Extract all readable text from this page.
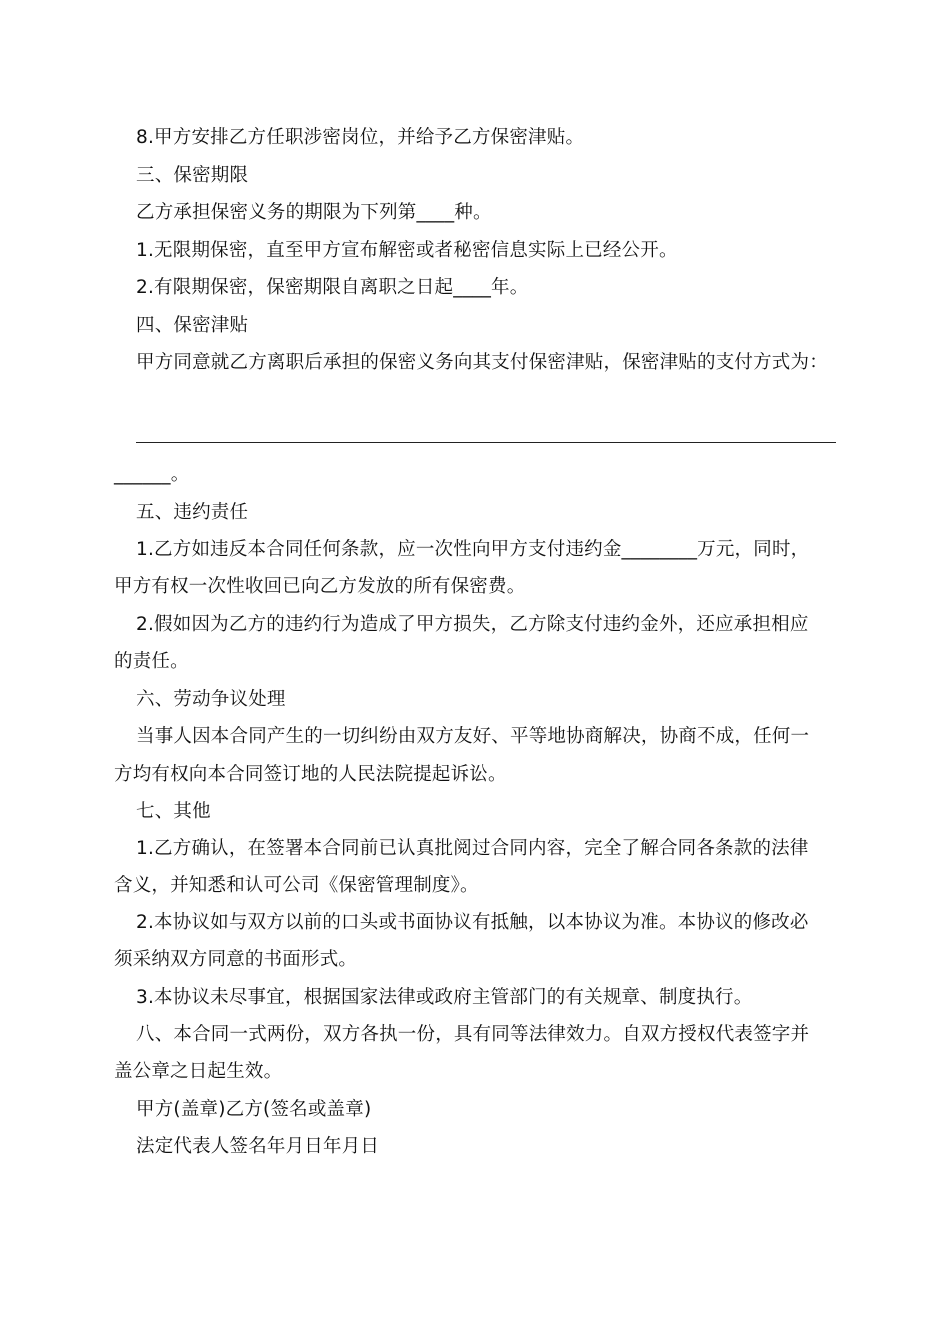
8.甲方安排乙方任职涉密岗位，并给予乙方保密津贴。
三、保密期限
乙方承担保密义务的期限为下列第____种。
1.无限期保密，直至甲方宣布解密或者秘密信息实际上已经公开。
2.有限期保密，保密期限自离职之日起____年。
四、保密津贴
甲方同意就乙方离职后承担的保密义务向其支付保密津贴，保密津贴的支付方式为：
______。
五、违约责任
1.乙方如违反本合同任何条款，应一次性向甲方支付违约金________万元，同时，
甲方有权一次性收回已向乙方发放的所有保密费。
2.假如因为乙方的违约行为造成了甲方损失，乙方除支付违约金外，还应承担相应
的责任。
六、劳动争议处理
当事人因本合同产生的一切纠纷由双方友好、平等地协商解决，协商不成，任何一
方均有权向本合同签订地的人民法院提起诉讼。
七、其他
1.乙方确认，在签署本合同前已认真批阅过合同内容，完全了解合同各条款的法律
含义，并知悉和认可公司《保密管理制度》。
2.本协议如与双方以前的口头或书面协议有抵触，以本协议为准。本协议的修改必
须采纳双方同意的书面形式。
3.本协议未尽事宜，根据国家法律或政府主管部门的有关规章、制度执行。
八、本合同一式两份，双方各执一份，具有同等法律效力。自双方授权代表签字并
盖公章之日起生效。
甲方(盖章)乙方(签名或盖章)
法定代表人签名年月日年月日
